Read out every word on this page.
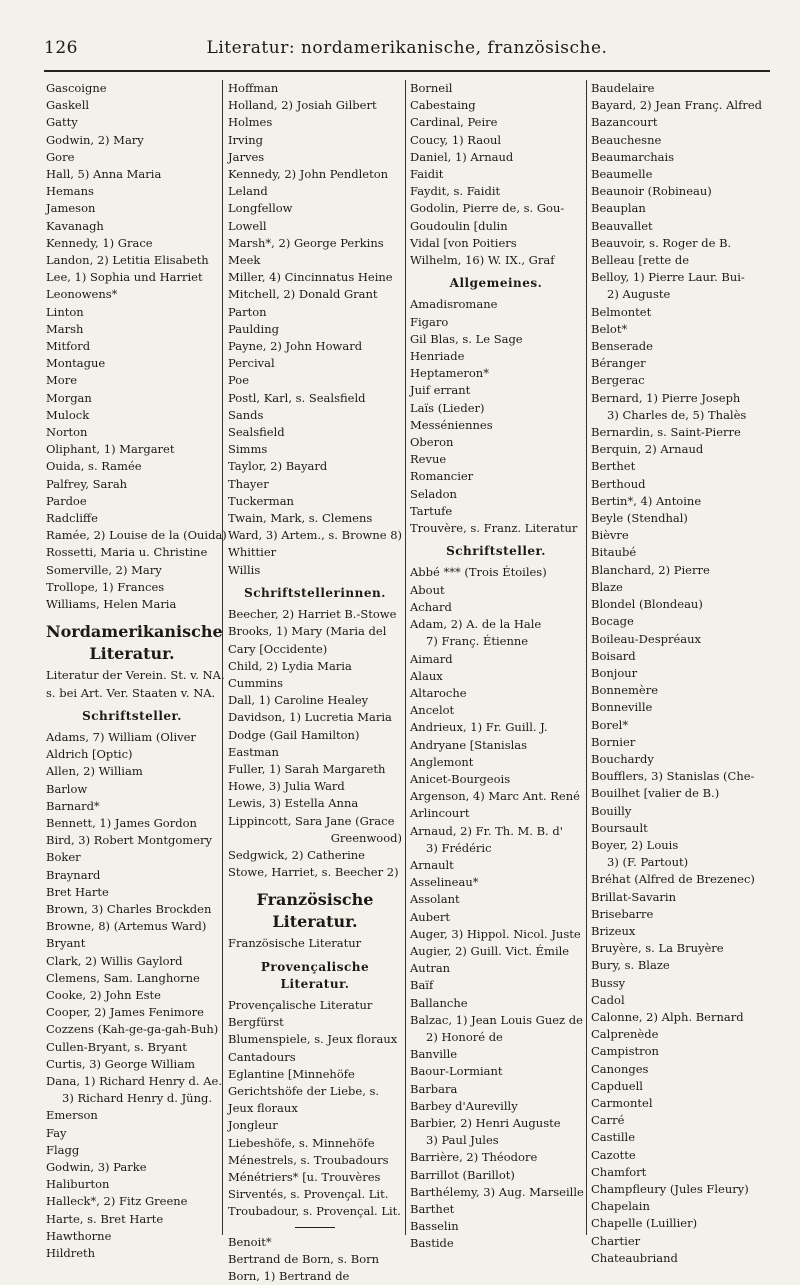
126	Literatur: nordamerikanische, französische.
Gascoigne
Gaskell
Gatty
Godwin, 2) Mary
Gore
Hall, 5) Anna Maria
Hemans
Jameson
Kavanagh
Kennedy, 1) Grace
Landon, 2) Letitia Elisabeth
Lee, 1) Sophia und Harriet
Leonowens*
Linton
Marsh
Mitford
Montague
More
Morgan
Mulock
Norton
Oliphant, 1) Margaret
Ouida, s. Ramée
Palfrey, Sarah
Pardoe
Radcliffe
Ramée, 2) Louise de la (Ouida)
Rossetti, Maria u. Christine
Somerville, 2) Mary
Trollope, 1) Frances
Williams, Helen Maria
Nordamerikanische
Literatur.
Literatur der Verein. St. v. NA.
s. bei Art. Ver. Staaten v. NA.
Schriftsteller.
Adams, 7) William (Oliver
Aldrich [Optic)
Allen, 2) William
Barlow
Barnard*
Bennett, 1) James Gordon
Bird, 3) Robert Montgomery
Boker
Braynard
Bret Harte
Brown, 3) Charles Brockden
Browne, 8) (Artemus Ward)
Bryant
Clark, 2) Willis Gaylord
Clemens, Sam. Langhorne
Cooke, 2) John Este
Cooper, 2) James Fenimore
Cozzens (Kah-ge-ga-gah-Buh)
Cullen-Bryant, s. Bryant
Curtis, 3) George William
Dana, 1) Richard Henry d. Ae.
3) Richard Henry d. Jüng.
Emerson
Fay
Flagg
Godwin, 3) Parke
Haliburton
Halleck*, 2) Fitz Greene
Harte, s. Bret Harte
Hawthorne
Hildreth
Hoffman
Holland, 2) Josiah Gilbert
Holmes
Irving
Jarves
Kennedy, 2) John Pendleton
Leland
Longfellow
Lowell
Marsh*, 2) George Perkins
Meek
Miller, 4) Cincinnatus Heine
Mitchell, 2) Donald Grant
Parton
Paulding
Payne, 2) John Howard
Percival
Poe
Postl, Karl, s. Sealsfield
Sands
Sealsfield
Simms
Taylor, 2) Bayard
Thayer
Tuckerman
Twain, Mark, s. Clemens
Ward, 3) Artem., s. Browne 8)
Whittier
Willis
Schriftstellerinnen.
Beecher, 2) Harriet B.-Stowe
Brooks, 1) Mary (Maria del
Cary [Occidente)
Child, 2) Lydia Maria
Cummins
Dall, 1) Caroline Healey
Davidson, 1) Lucretia Maria
Dodge (Gail Hamilton)
Eastman
Fuller, 1) Sarah Margareth
Howe, 3) Julia Ward
Lewis, 3) Estella Anna
Lippincott, Sara Jane (Grace
Greenwood)
Sedgwick, 2) Catherine
Stowe, Harriet, s. Beecher 2)
Französische Literatur.
Französische Literatur
Provençalische Literatur.
Provençalische Literatur
Bergfürst
Blumenspiele, s. Jeux floraux
Cantadours
Eglantine [Minnehöfe
Gerichtshöfe der Liebe, s.
Jeux floraux
Jongleur
Liebeshöfe, s. Minnehöfe
Ménestrels, s. Troubadours
Ménétriers* [u. Trouvères
Sirventés, s. Provençal. Lit.
Troubadour, s. Provençal. Lit.
Benoit*
Bertrand de Born, s. Born
Born, 1) Bertrand de
Borneil
Cabestaing
Cardinal, Peire
Coucy, 1) Raoul
Daniel, 1) Arnaud
Faidit
Faydit, s. Faidit
Godolin, Pierre de, s. Gou-
Goudoulin [dulin
Vidal [von Poitiers
Wilhelm, 16) W. IX., Graf
Allgemeines.
Amadisromane
Figaro
Gil Blas, s. Le Sage
Henriade
Heptameron*
Juif errant
Laïs (Lieder)
Messéniennes
Oberon
Revue
Romancier
Seladon
Tartufe
Trouvère, s. Franz. Literatur
Schriftsteller.
Abbé *** (Trois Étoiles)
About
Achard
Adam, 2) A. de la Hale
7) Franç. Étienne
Aimard
Alaux
Altaroche
Ancelot
Andrieux, 1) Fr. Guill. J.
Andryane [Stanislas
Anglemont
Anicet-Bourgeois
Argenson, 4) Marc Ant. René
Arlincourt
Arnaud, 2) Fr. Th. M. B. d'
3) Frédéric
Arnault
Asselineau*
Assolant
Aubert
Auger, 3) Hippol. Nicol. Juste
Augier, 2) Guill. Vict. Émile
Autran
Baïf
Ballanche
Balzac, 1) Jean Louis Guez de
2) Honoré de
Banville
Baour-Lormiant
Barbara
Barbey d'Aurevilly
Barbier, 2) Henri Auguste
3) Paul Jules
Barrière, 2) Théodore
Barrillot (Barillot)
Barthélemy, 3) Aug. Marseille
Barthet
Basselin
Bastide
Baudelaire
Bayard, 2) Jean Franç. Alfred
Bazancourt
Beauchesne
Beaumarchais
Beaumelle
Beaunoir (Robineau)
Beauplan
Beauvallet
Beauvoir, s. Roger de B.
Belleau [rette de
Belloy, 1) Pierre Laur. Bui-
2) Auguste
Belmontet
Belot*
Benserade
Béranger
Bergerac
Bernard, 1) Pierre Joseph
3) Charles de, 5) Thalès
Bernardin, s. Saint-Pierre
Berquin, 2) Arnaud
Berthet
Berthoud
Bertin*, 4) Antoine
Beyle (Stendhal)
Bièvre
Bitaubé
Blanchard, 2) Pierre
Blaze
Blondel (Blondeau)
Bocage
Boileau-Despréaux
Boisard
Bonjour
Bonnemère
Bonneville
Borel*
Bornier
Bouchardy
Boufflers, 3) Stanislas (Che-
Bouilhet [valier de B.)
Bouilly
Boursault
Boyer, 2) Louis
3) (F. Partout)
Bréhat (Alfred de Brezenec)
Brillat-Savarin
Brisebarre
Brizeux
Bruyère, s. La Bruyère
Bury, s. Blaze
Bussy
Cadol
Calonne, 2) Alph. Bernard
Calprenède
Campistron
Canonges
Capduell
Carmontel
Carré
Castille
Cazotte
Chamfort
Champfleury (Jules Fleury)
Chapelain
Chapelle (Luillier)
Chartier
Chateaubriand
